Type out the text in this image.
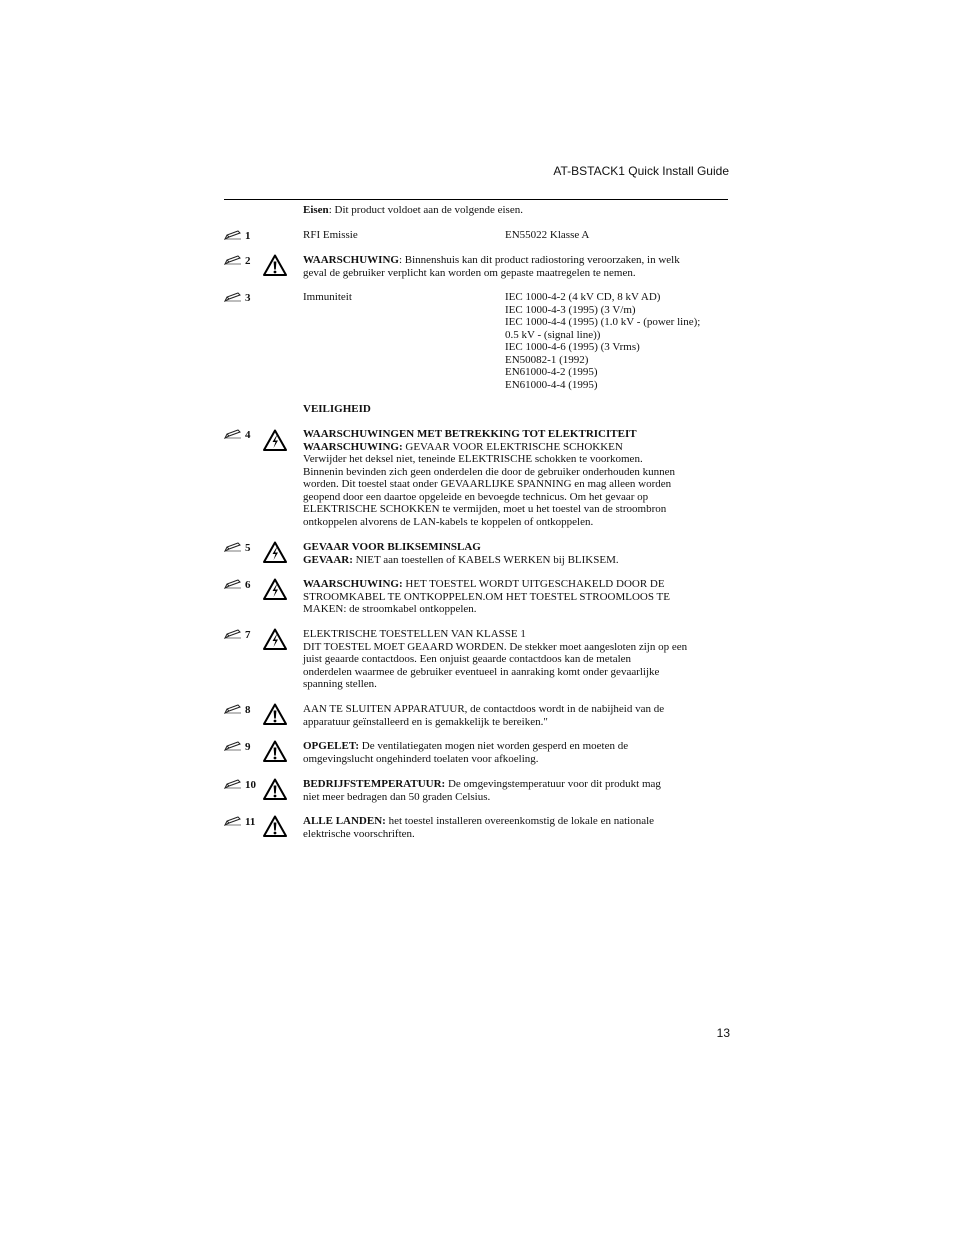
AT-BSTACK1 Quick Install Guide
Eisen: Dit product voldoet aan de volgende eisen.
1	RFI Emissie	EN55022 Klasse A
2	WAARSCHUWING: Binnenshuis kan dit product radiostoring veroorzaken, in welk
geval de gebruiker verplicht kan worden om gepaste maatregelen te nemen.
3	Immuniteit	IEC 1000-4-2 (4 kV CD, 8 kV AD)
IEC 1000-4-3 (1995) (3 V/m)
IEC 1000-4-4 (1995) (1.0 kV - (power line);
0.5 kV - (signal line))
IEC 1000-4-6 (1995) (3 Vrms)
EN50082-1 (1992)
EN61000-4-2 (1995)
EN61000-4-4 (1995)
VEILIGHEID
4	WAARSCHUWINGEN MET BETREKKING TOT ELEKTRICITEIT
WAARSCHUWING: GEVAAR VOOR ELEKTRISCHE SCHOKKEN
Verwijder het deksel niet, teneinde ELEKTRISCHE schokken te voorkomen.
Binnenin bevinden zich geen onderdelen die door de gebruiker onderhouden kunnen
worden. Dit toestel staat onder GEVAARLIJKE SPANNING en mag alleen worden
geopend door een daartoe opgeleide en bevoegde technicus. Om het gevaar op
ELEKTRISCHE SCHOKKEN te vermijden, moet u het toestel van de stroombron
ontkoppelen alvorens de LAN-kabels te koppelen of ontkoppelen.
5	GEVAAR VOOR BLIKSEMINSLAG
GEVAAR: NIET aan toestellen of KABELS WERKEN bij BLIKSEM.
6	WAARSCHUWING: HET TOESTEL WORDT UITGESCHAKELD DOOR DE
STROOMKABEL TE ONTKOPPELEN.OM HET TOESTEL STROOMLOOS TE
MAKEN: de stroomkabel ontkoppelen.
7	ELEKTRISCHE TOESTELLEN VAN KLASSE 1
DIT TOESTEL MOET GEAARD WORDEN. De stekker moet aangesloten zijn op een
juist geaarde contactdoos. Een onjuist geaarde contactdoos kan de metalen
onderdelen waarmee de gebruiker eventueel in aanraking komt onder gevaarlijke
spanning stellen.
8	AAN TE SLUITEN APPARATUUR, de contactdoos wordt in de nabijheid van de
apparatuur geïnstalleerd en is gemakkelijk te bereiken."
9	OPGELET: De ventilatiegaten mogen niet worden gesperd en moeten de
omgevingslucht ongehinderd toelaten voor afkoeling.
10	BEDRIJFSTEMPERATUUR: De omgevingstemperatuur voor dit produkt mag
niet meer bedragen dan 50 graden Celsius.
11	ALLE LANDEN: het toestel installeren overeenkomstig de lokale en nationale
elektrische voorschriften.
13
